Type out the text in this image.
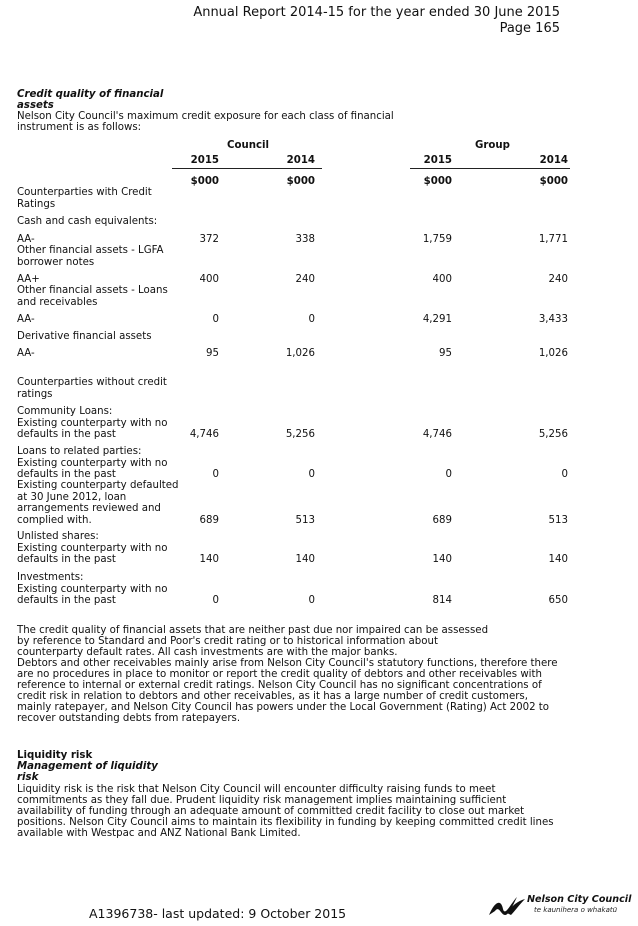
Annual Report 2014-15 for the year ended 30 June 2015
Page 165
Credit quality of financial
assets
Nelson City Council's maximum credit exposure for each class of financial
instrument is as follows:
Council	Group
2015	2014	2015	2014
$000	$000	$000	$000
Counterparties with Credit
Ratings
Cash and cash equivalents:
AA-	372	338	1,759	1,771
Other financial assets - LGFA
borrower notes
AA+	400	240	400	240
Other financial assets - Loans
and receivables
AA-	0	0	4,291	3,433
Derivative financial assets
AA-	95	1,026	95	1,026
Counterparties without credit
ratings
Community Loans:
Existing counterparty with no
defaults in the past	4,746	5,256	4,746	5,256
Loans to related parties:
Existing counterparty with no
defaults in the past	0	0	0	0
Existing counterparty defaulted
at 30 June 2012, loan
arrangements reviewed and
complied with.	689	513	689	513
Unlisted shares:
Existing counterparty with no
defaults in the past	140	140	140	140
Investments:
Existing counterparty with no
defaults in the past	0	0	814	650
The credit quality of financial assets that are neither past due nor impaired can be assessed
by reference to Standard and Poor's credit rating or to historical information about
counterparty default rates. All cash investments are with the major banks.
Debtors and other receivables mainly arise from Nelson City Council's statutory functions, therefore there
are no procedures in place to monitor or report the credit quality of debtors and other receivables with
reference to internal or external credit ratings. Nelson City Council has no significant concentrations of
credit risk in relation to debtors and other receivables, as it has a large number of credit customers,
mainly ratepayer, and Nelson City Council has powers under the Local Government (Rating) Act 2002 to
recover outstanding debts from ratepayers.
Liquidity risk
Management of liquidity
risk
Liquidity risk is the risk that Nelson City Council will encounter difficulty raising funds to meet
commitments as they fall due. Prudent liquidity risk management implies maintaining sufficient
availability of funding through an adequate amount of committed credit facility to close out market
positions. Nelson City Council aims to maintain its flexibility in funding by keeping committed credit lines
available with Westpac and ANZ National Bank Limited.
A1396738- last updated: 9 October 2015
Nelson City Council
te kaunihera o whakatū
